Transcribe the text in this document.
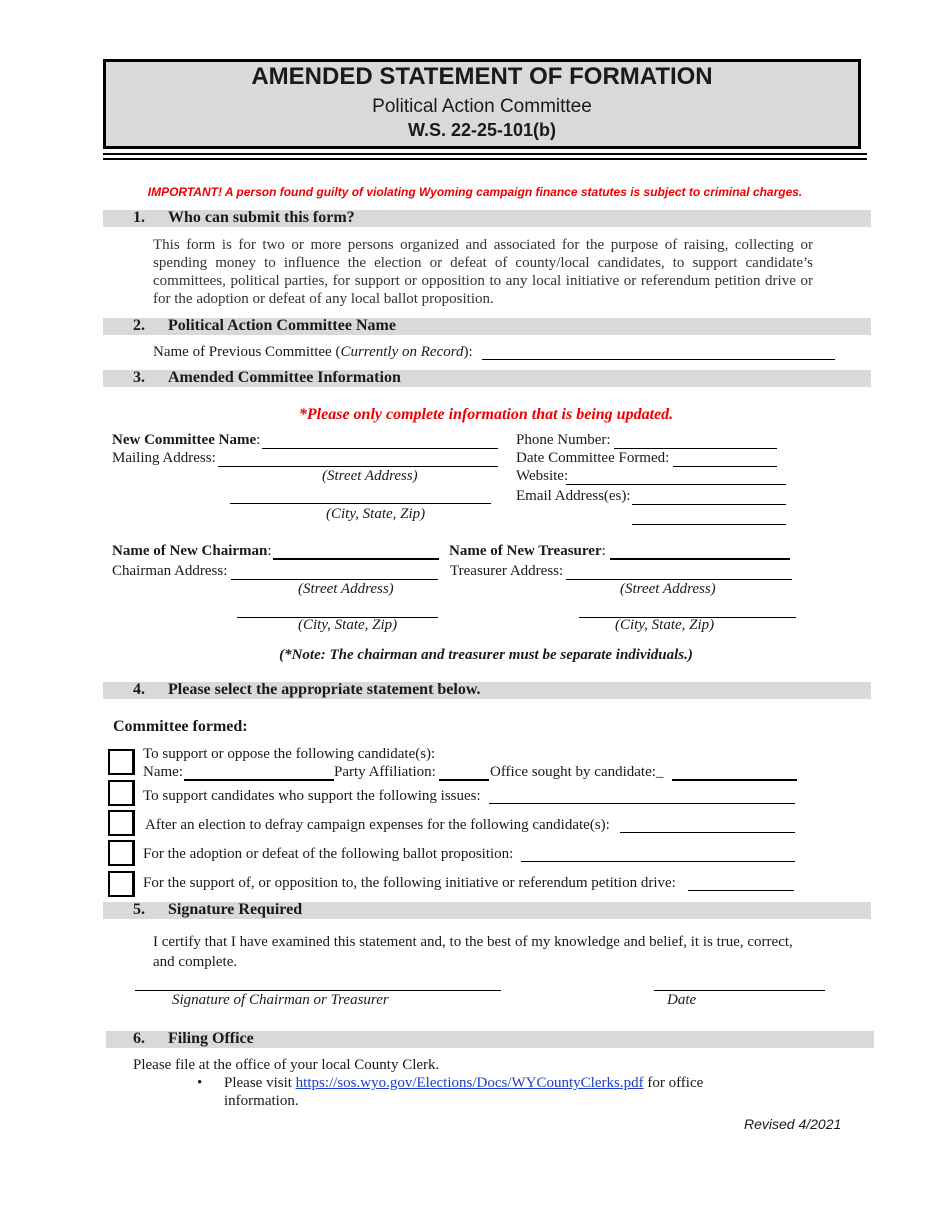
AMENDED STATEMENT OF FORMATION
Political Action Committee
W.S. 22-25-101(b)
IMPORTANT! A person found guilty of violating Wyoming campaign finance statutes is subject to criminal charges.
1. Who can submit this form?
This form is for two or more persons organized and associated for the purpose of raising, collecting or spending money to influence the election or defeat of county/local candidates, to support candidate’s committees, political parties, for support or opposition to any local initiative or referendum petition drive or for the adoption or defeat of any local ballot proposition.
2. Political Action Committee Name
Name of Previous Committee (Currently on Record):
3. Amended Committee Information
*Please only complete information that is being updated.
New Committee Name:
Mailing Address:
(Street Address)
(City, State, Zip)
Phone Number:
Date Committee Formed:
Website:
Email Address(es):
Name of New Chairman:
Chairman Address:
(Street Address)
(City, State, Zip)
Name of New Treasurer:
Treasurer Address:
(Street Address)
(City, State, Zip)
(*Note: The chairman and treasurer must be separate individuals.)
4. Please select the appropriate statement below.
Committee formed:
To support or oppose the following candidate(s):
Name:	Party Affiliation:	Office sought by candidate:_
To support candidates who support the following issues:
After an election to defray campaign expenses for the following candidate(s):
For the adoption or defeat of the following ballot proposition:
For the support of, or opposition to, the following initiative or referendum petition drive:
5. Signature Required
I certify that I have examined this statement and, to the best of my knowledge and belief, it is true, correct, and complete.
Signature of Chairman or Treasurer	Date
6. Filing Office
Please file at the office of your local County Clerk.
• Please visit https://sos.wyo.gov/Elections/Docs/WYCountyClerks.pdf for office
information.
Revised 4/2021
